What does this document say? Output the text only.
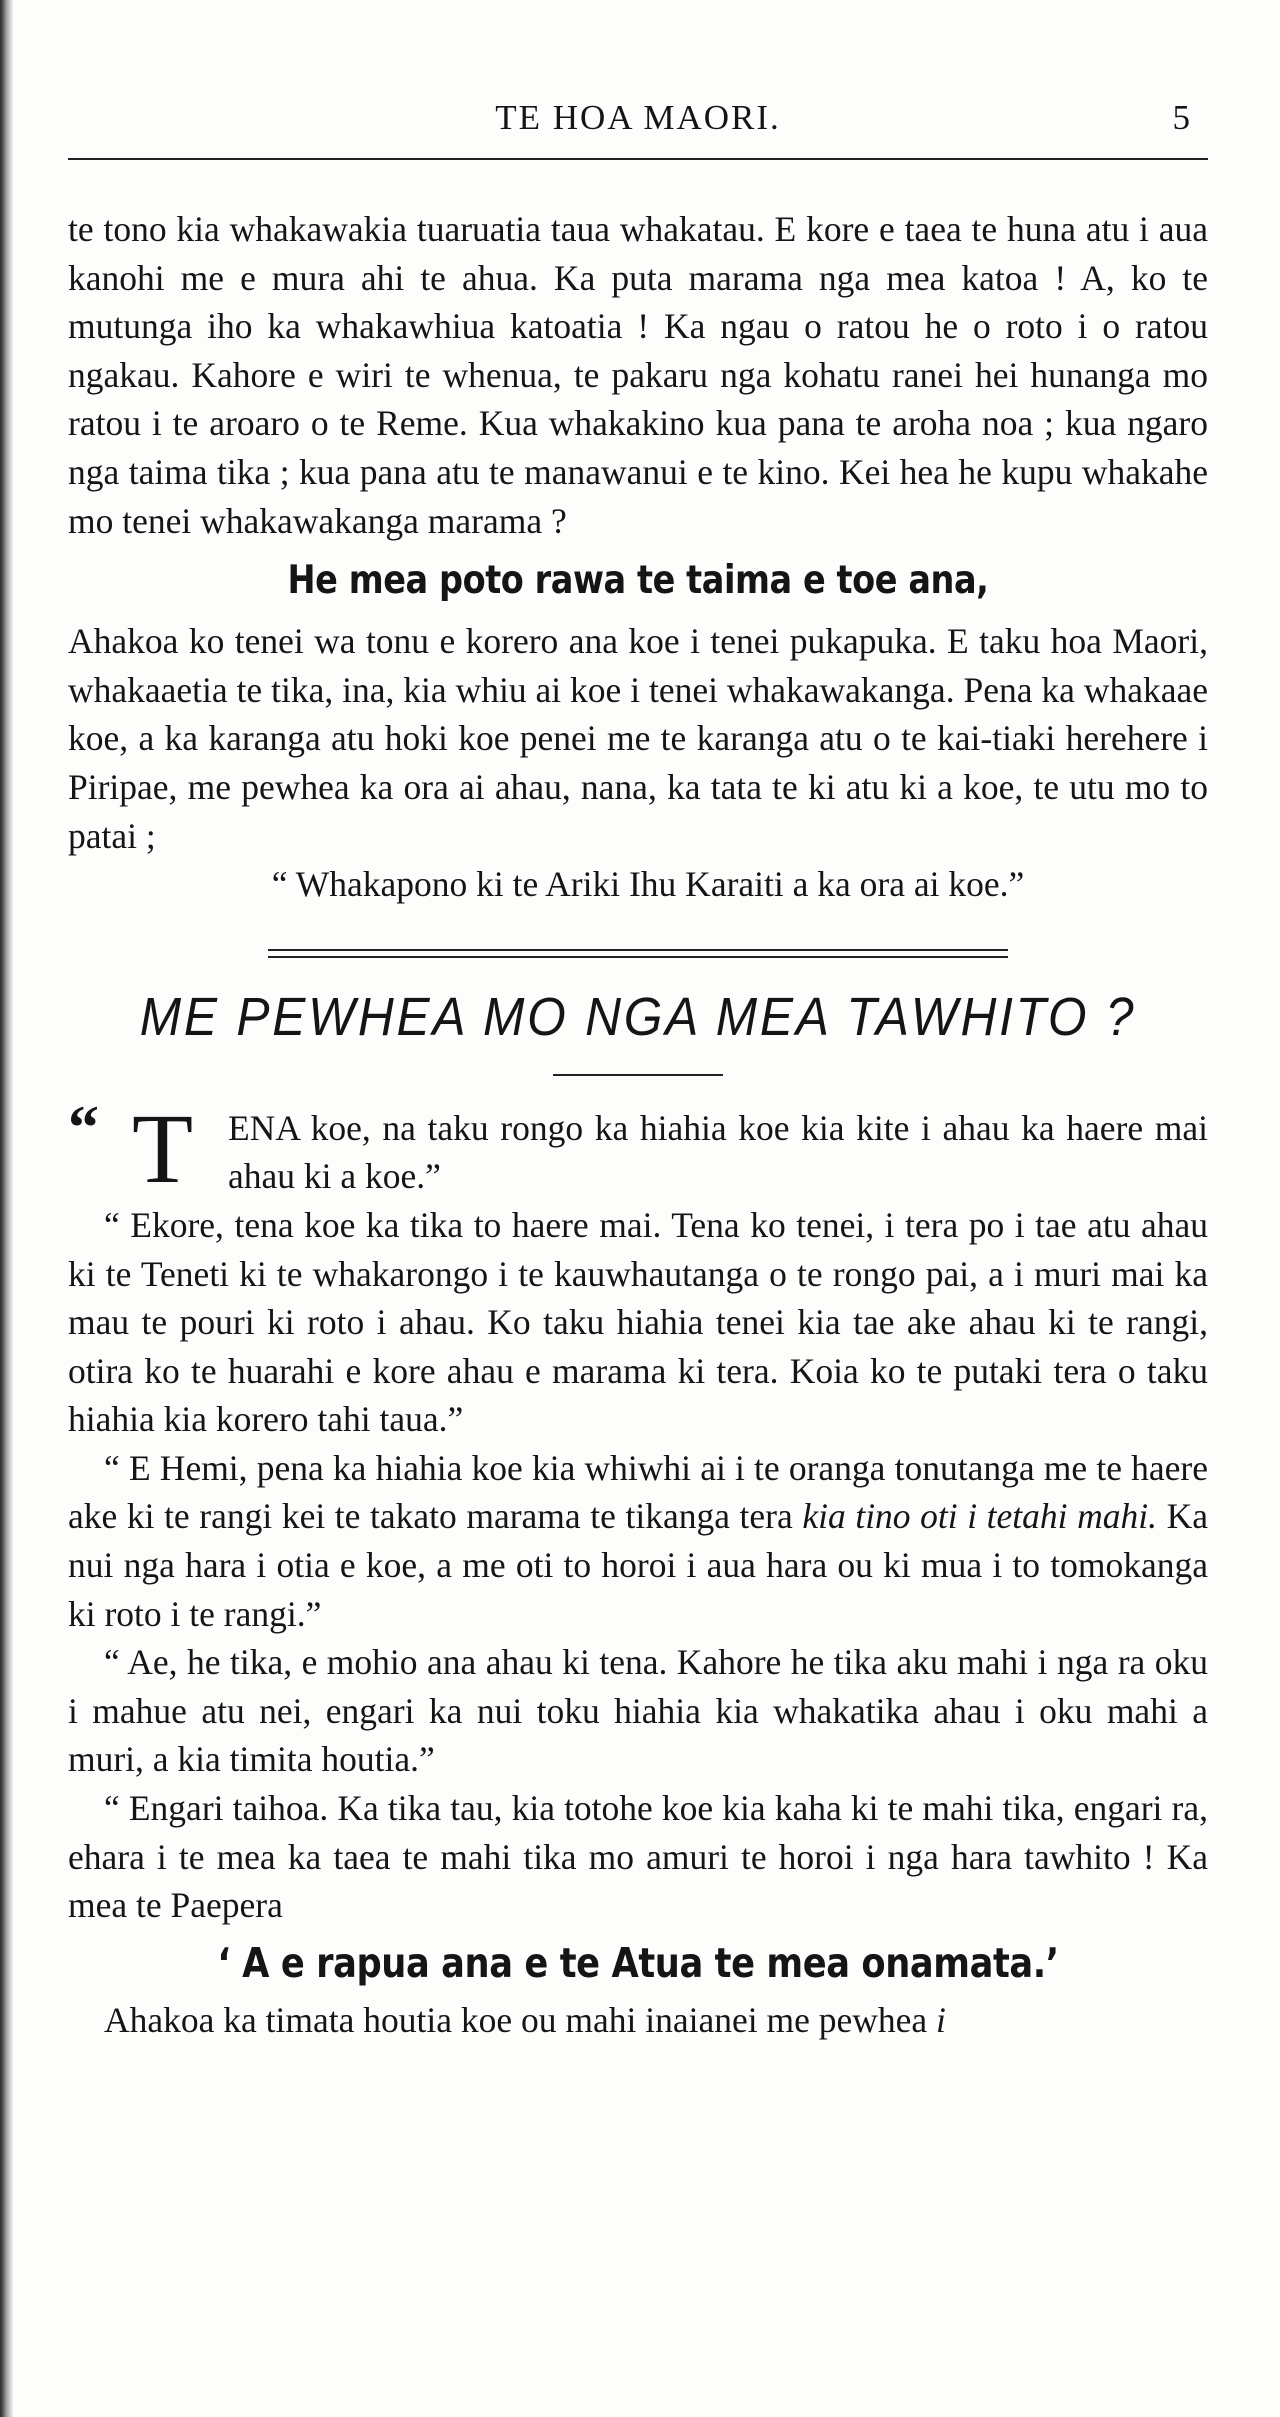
TE HOA MAORI.	5

te tono kia whakawakia tuaruatia taua whakatau. E kore e taea te huna atu i aua kanohi me e mura ahi te ahua. Ka puta marama nga mea katoa ! A, ko te mutunga iho ka whakawhiua katoatia ! Ka ngau o ratou he o roto i o ratou ngakau. Kahore e wiri te whenua, te pakaru nga kohatu ranei hei hunanga mo ratou i te aroaro o te Reme. Kua whakakino kua pana te aroha noa ; kua ngaro nga taima tika ; kua pana atu te manawanui e te kino. Kei hea he kupu whakahe mo tenei whakawakanga marama ?

He mea poto rawa te taima e toe ana,

Ahakoa ko tenei wa tonu e korero ana koe i tenei pukapuka. E taku hoa Maori, whakaaetia te tika, ina, kia whiu ai koe i tenei whakawakanga. Pena ka whakaae koe, a ka karanga atu hoki koe penei me te karanga atu o te kai-tiaki herehere i Piripae, me pewhea ka ora ai ahau, nana, ka tata te ki atu ki a koe, te utu mo to patai ;

“ Whakapono ki te Ariki Ihu Karaiti a ka ora ai koe.”

ME PEWHEA MO NGA MEA TAWHITO ?

“ T ENA koe, na taku rongo ka hiahia koe kia kite i ahau ka haere mai ahau ki a koe.”

“ Ekore, tena koe ka tika to haere mai. Tena ko tenei, i tera po i tae atu ahau ki te Teneti ki te whakarongo i te kauwhautanga o te rongo pai, a i muri mai ka mau te pouri ki roto i ahau. Ko taku hiahia tenei kia tae ake ahau ki te rangi, otira ko te huarahi e kore ahau e marama ki tera. Koia ko te putaki tera o taku hiahia kia korero tahi taua.”

“ E Hemi, pena ka hiahia koe kia whiwhi ai i te oranga tonutanga me te haere ake ki te rangi kei te takato marama te tikanga tera kia tino oti i tetahi mahi. Ka nui nga hara i otia e koe, a me oti to horoi i aua hara ou ki mua i to tomokanga ki roto i te rangi.”

“ Ae, he tika, e mohio ana ahau ki tena. Kahore he tika aku mahi i nga ra oku i mahue atu nei, engari ka nui toku hiahia kia whakatika ahau i oku mahi a muri, a kia timita houtia.”

“ Engari taihoa. Ka tika tau, kia totohe koe kia kaha ki te mahi tika, engari ra, ehara i te mea ka taea te mahi tika mo amuri te horoi i nga hara tawhito ! Ka mea te Paepera

‘ A e rapua ana e te Atua te mea onamata.’

Ahakoa ka timata houtia koe ou mahi inaianei me pewhea i
